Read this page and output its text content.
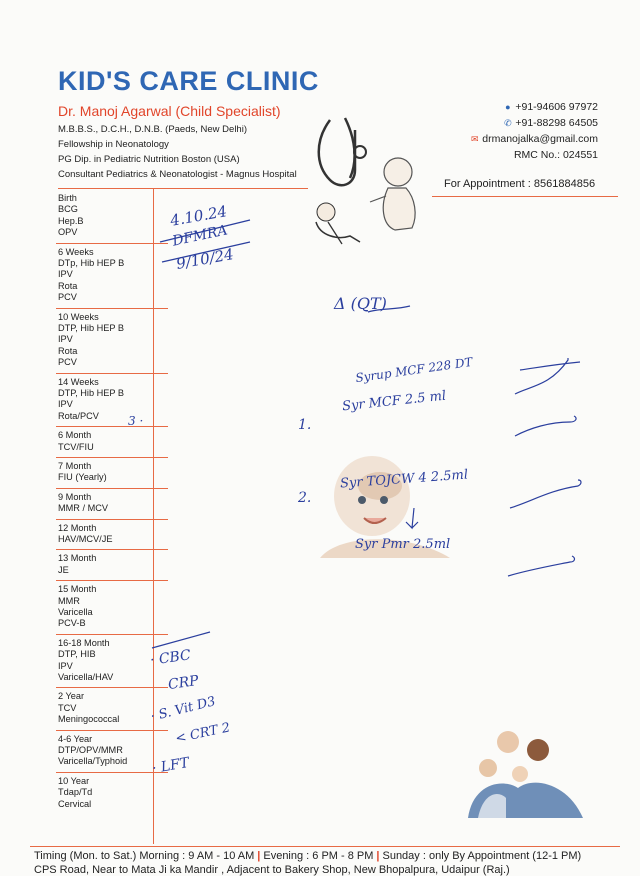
KID'S CARE CLINIC
Dr. Manoj Agarwal (Child Specialist)
M.B.B.S., D.C.H., D.N.B. (Paeds, New Delhi)
Fellowship in Neonatology
PG Dip. in Pediatric Nutrition Boston (USA)
Consultant Pediatrics & Neonatologist - Magnus Hospital
● +91-94606 97972
✆ +91-88298 64505
✉ drmanojalka@gmail.com
RMC No.: 024551
For Appointment : 8561884856
Birth
BCG
Hep.B
OPV
6 Weeks
DTp, Hib HEP B
IPV
Rota
PCV
10 Weeks
DTP, Hib HEP B
IPV
Rota
PCV
14 Weeks
DTP, Hib HEP B
IPV
Rota/PCV
6 Month
TCV/FIU
7 Month
FIU (Yearly)
9 Month
MMR / MCV
12 Month
HAV/MCV/JE
13 Month
JE
15 Month
MMR
Varicella
PCV-B
16-18 Month
DTP, HIB
IPV
Varicella/HAV
2 Year
TCV
Meningococcal
4-6 Year
DTP/OPV/MMR
Varicella/Typhoid
10 Year
Tdap/Td
Cervical
4.10.24
DFMRA
9/10/24
Δ (QT)
Syrup MCF 228 DT
1.
Syr MCF 2.5 ml
2.
Syr TOJCW 4 2.5ml
Syr Pmr 2.5ml
3 ·
· CBC
CRP
· S. Vit D3
< CRT 2
· LFT
Timing (Mon. to Sat.) Morning : 9 AM - 10 AM | Evening : 6 PM - 8 PM | Sunday : only By Appointment (12-1 PM)
CPS Road, Near to Mata Ji ka Mandir , Adjacent to Bakery Shop, New Bhopalpura, Udaipur (Raj.)
